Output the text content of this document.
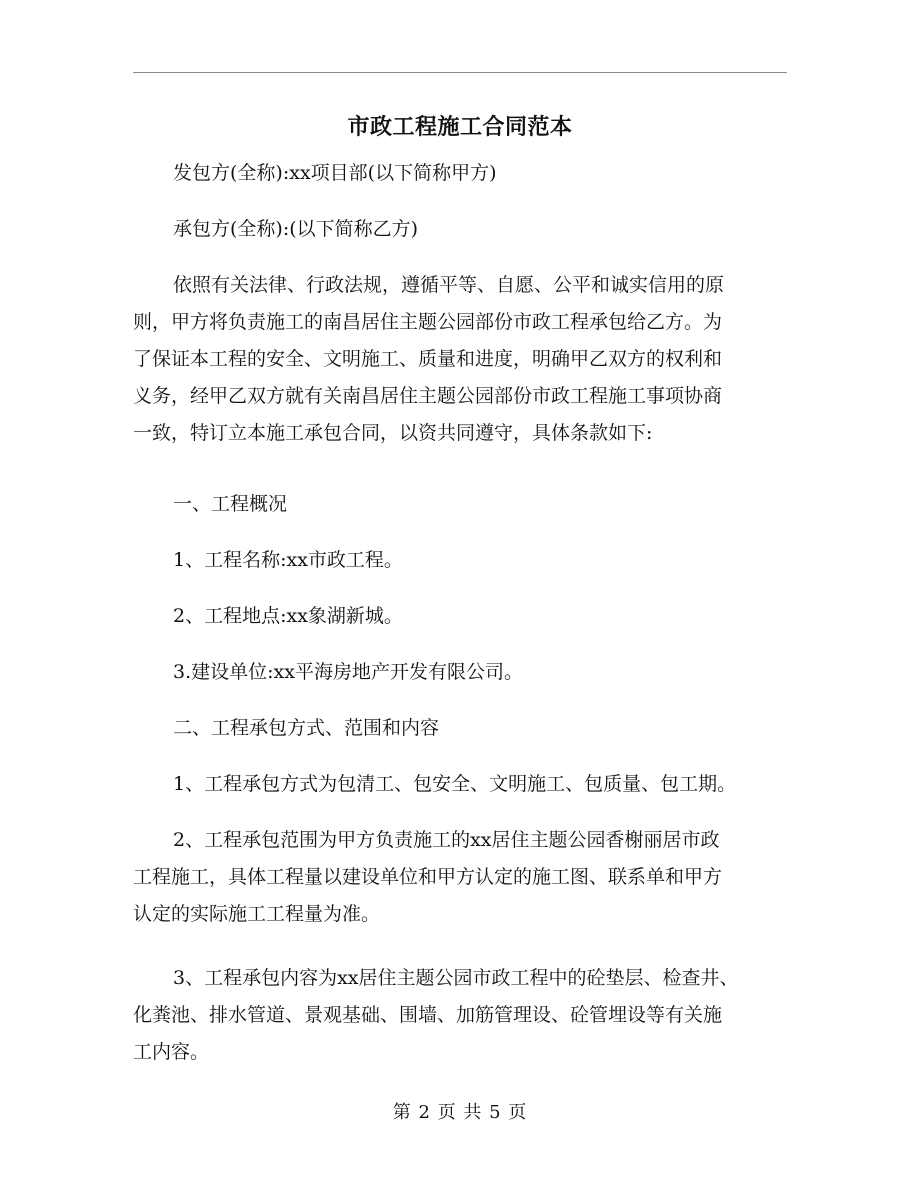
市政工程施工合同范本
发包方(全称):xx项目部(以下简称甲方)
承包方(全称):(以下简称乙方)
依照有关法律、行政法规，遵循平等、自愿、公平和诚实信用的原
则，甲方将负责施工的南昌居住主题公园部份市政工程承包给乙方。为
了保证本工程的安全、文明施工、质量和进度，明确甲乙双方的权利和
义务，经甲乙双方就有关南昌居住主题公园部份市政工程施工事项协商
一致，特订立本施工承包合同，以资共同遵守，具体条款如下:
一、工程概况
1、工程名称:xx市政工程。
2、工程地点:xx象湖新城。
3.建设单位:xx平海房地产开发有限公司。
二、工程承包方式、范围和内容
1、工程承包方式为包清工、包安全、文明施工、包质量、包工期。
2、工程承包范围为甲方负责施工的xx居住主题公园香榭丽居市政
工程施工，具体工程量以建设单位和甲方认定的施工图、联系单和甲方
认定的实际施工工程量为准。
3、工程承包内容为xx居住主题公园市政工程中的砼垫层、检查井、
化粪池、排水管道、景观基础、围墙、加筋管理设、砼管埋设等有关施
工内容。
第 2 页 共 5 页
